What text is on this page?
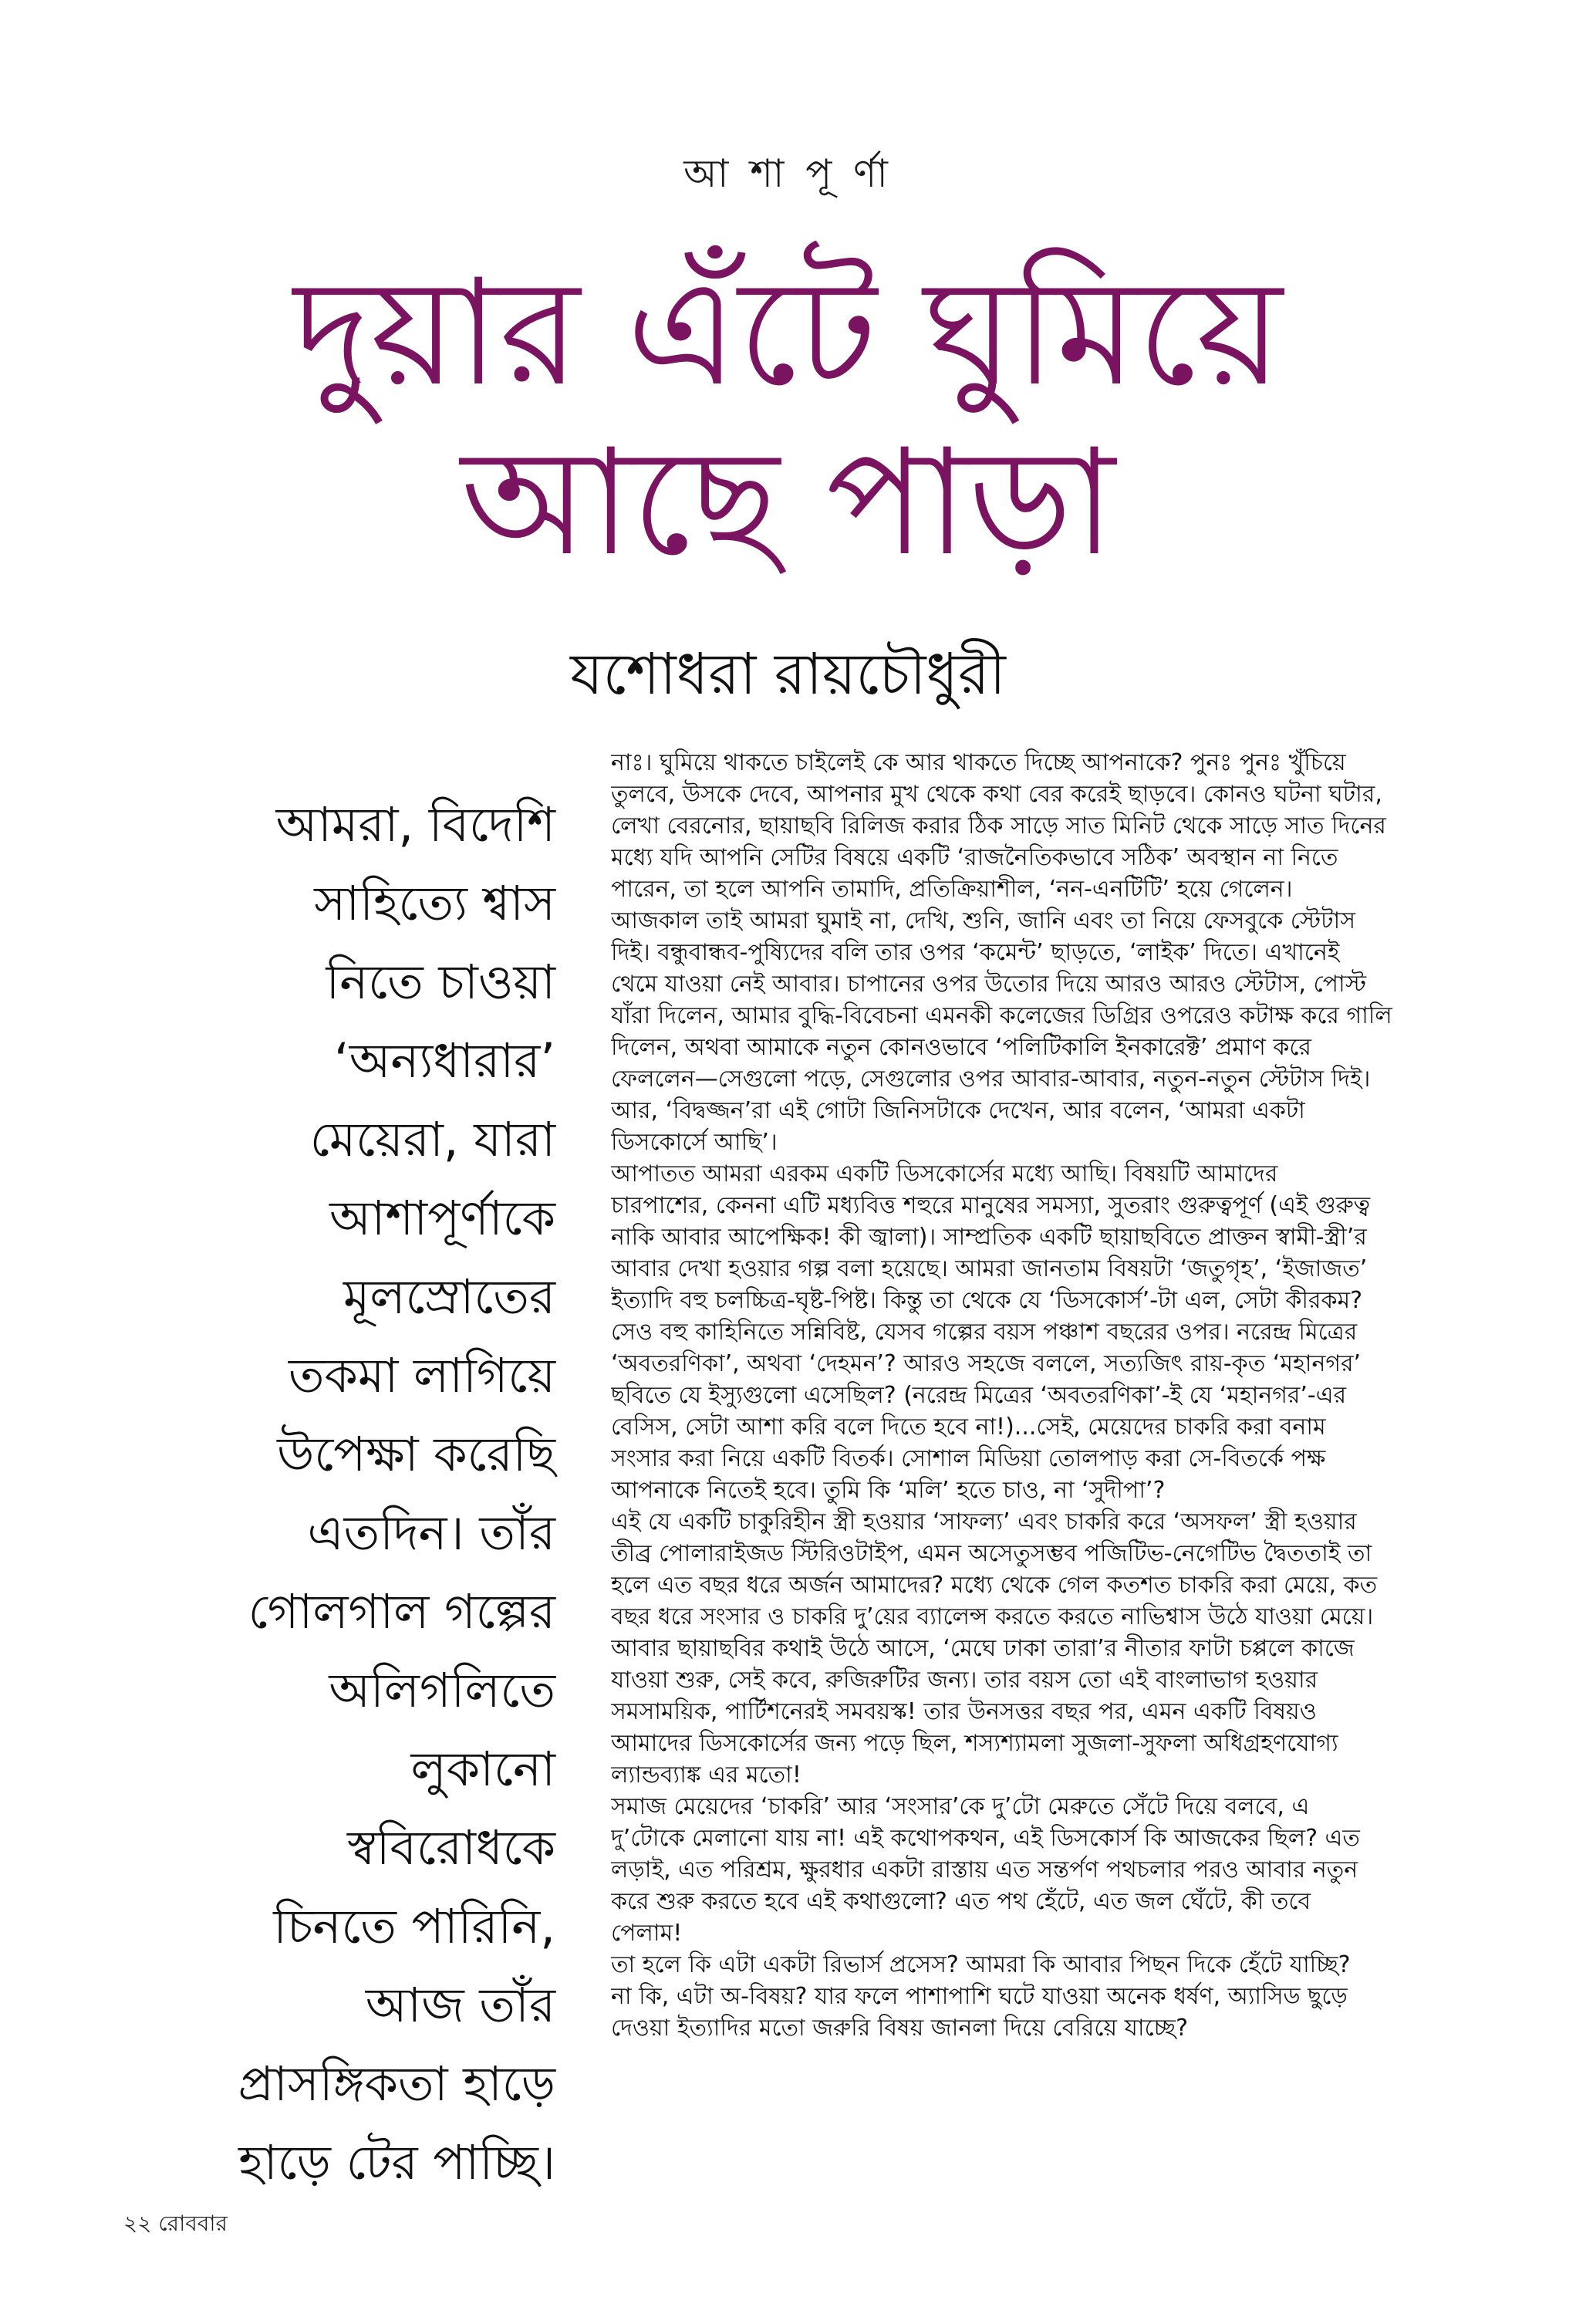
আ শা পূ র্ণা
দুয়ার এঁটে ঘুমিয়ে
আছে পাড়া
যশোধরা রায়চৌধুরী
আমরা, বিদেশি
সাহিত্যে শ্বাস
নিতে চাওয়া
‘অন্যধারার’
মেয়েরা, যারা
আশাপূর্ণাকে
মূলস্রোতের
তকমা লাগিয়ে
উপেক্ষা করেছি
এতদিন। তাঁর
গোলগাল গল্পের
অলিগলিতে
লুকানো
স্ববিরোধকে
চিনতে পারিনি,
আজ তাঁর
প্রাসঙ্গিকতা হাড়ে
হাড়ে টের পাচ্ছি।
নাঃ। ঘুমিয়ে থাকতে চাইলেই কে আর থাকতে দিচ্ছে আপনাকে? পুনঃ পুনঃ খুঁচিয়ে
তুলবে, উসকে দেবে, আপনার মুখ থেকে কথা বের করেই ছাড়বে। কোনও ঘটনা ঘটার,
লেখা বেরনোর, ছায়াছবি রিলিজ করার ঠিক সাড়ে সাত মিনিট থেকে সাড়ে সাত দিনের
মধ্যে যদি আপনি সেটির বিষয়ে একটি ‘রাজনৈতিকভাবে সঠিক’ অবস্থান না নিতে
পারেন, তা হলে আপনি তামাদি, প্রতিক্রিয়াশীল, ‘নন-এনটিটি’ হয়ে গেলেন।
আজকাল তাই আমরা ঘুমাই না, দেখি, শুনি, জানি এবং তা নিয়ে ফেসবুকে স্টেটাস
দিই। বন্ধুবান্ধব-পুষ্যিদের বলি তার ওপর ‘কমেন্ট’ ছাড়তে, ‘লাইক’ দিতে। এখানেই
থেমে যাওয়া নেই আবার। চাপানের ওপর উতোর দিয়ে আরও আরও স্টেটাস, পোস্ট
যাঁরা দিলেন, আমার বুদ্ধি-বিবেচনা এমনকী কলেজের ডিগ্রির ওপরেও কটাক্ষ করে গালি
দিলেন, অথবা আমাকে নতুন কোনওভাবে ‘পলিটিকালি ইনকারেক্ট’ প্রমাণ করে
ফেললেন—সেগুলো পড়ে, সেগুলোর ওপর আবার-আবার, নতুন-নতুন স্টেটাস দিই।
আর, ‘বিদ্বজ্জন’রা এই গোটা জিনিসটাকে দেখেন, আর বলেন, ‘আমরা একটা
ডিসকোর্সে আছি’।
আপাতত আমরা এরকম একটি ডিসকোর্সের মধ্যে আছি। বিষয়টি আমাদের
চারপাশের, কেননা এটি মধ্যবিত্ত শহুরে মানুষের সমস্যা, সুতরাং গুরুত্বপূর্ণ (এই গুরুত্ব
নাকি আবার আপেক্ষিক! কী জ্বালা)। সাম্প্রতিক একটি ছায়াছবিতে প্রাক্তন স্বামী-স্ত্রী’র
আবার দেখা হওয়ার গল্প বলা হয়েছে। আমরা জানতাম বিষয়টা ‘জতুগৃহ’, ‘ইজাজত’
ইত্যাদি বহু চলচ্চিত্র-ঘৃষ্ট-পিষ্ট। কিন্তু তা থেকে যে ‘ডিসকোর্স’-টা এল, সেটা কীরকম?
সেও বহু কাহিনিতে সন্নিবিষ্ট, যেসব গল্পের বয়স পঞ্চাশ বছরের ওপর। নরেন্দ্র মিত্রের
‘অবতরণিকা’, অথবা ‘দেহমন’? আরও সহজে বললে, সত্যজিৎ রায়-কৃত ‘মহানগর’
ছবিতে যে ইস্যুগুলো এসেছিল? (নরেন্দ্র মিত্রের ‘অবতরণিকা’-ই যে ‘মহানগর’-এর
বেসিস, সেটা আশা করি বলে দিতে হবে না!)...সেই, মেয়েদের চাকরি করা বনাম
সংসার করা নিয়ে একটি বিতর্ক। সোশাল মিডিয়া তোলপাড় করা সে-বিতর্কে পক্ষ
আপনাকে নিতেই হবে। তুমি কি ‘মলি’ হতে চাও, না ‘সুদীপা’?
এই যে একটি চাকুরিহীন স্ত্রী হওয়ার ‘সাফল্য’ এবং চাকরি করে ‘অসফল’ স্ত্রী হওয়ার
তীব্র পোলারাইজড স্টিরিওটাইপ, এমন অসেতুসম্ভব পজিটিভ-নেগেটিভ দ্বৈততাই তা
হলে এত বছর ধরে অর্জন আমাদের? মধ্যে থেকে গেল কতশত চাকরি করা মেয়ে, কত
বছর ধরে সংসার ও চাকরি দু’য়ের ব্যালেন্স করতে করতে নাভিশ্বাস উঠে যাওয়া মেয়ে।
আবার ছায়াছবির কথাই উঠে আসে, ‘মেঘে ঢাকা তারা’র নীতার ফাটা চপ্পলে কাজে
যাওয়া শুরু, সেই কবে, রুজিরুটির জন্য। তার বয়স তো এই বাংলাভাগ হওয়ার
সমসাময়িক, পার্টিশনেরই সমবয়স্ক! তার উনসত্তর বছর পর, এমন একটি বিষয়ও
আমাদের ডিসকোর্সের জন্য পড়ে ছিল, শস্যশ্যামলা সুজলা-সুফলা অধিগ্রহণযোগ্য
ল্যান্ডব্যাঙ্ক এর মতো!
সমাজ মেয়েদের ‘চাকরি’ আর ‘সংসার’কে দু’টো মেরুতে সেঁটে দিয়ে বলবে, এ
দু’টোকে মেলানো যায় না! এই কথোপকথন, এই ডিসকোর্স কি আজকের ছিল? এত
লড়াই, এত পরিশ্রম, ক্ষুরধার একটা রাস্তায় এত সন্তর্পণ পথচলার পরও আবার নতুন
করে শুরু করতে হবে এই কথাগুলো? এত পথ হেঁটে, এত জল ঘেঁটে, কী তবে
পেলাম!
তা হলে কি এটা একটা রিভার্স প্রসেস? আমরা কি আবার পিছন দিকে হেঁটে যাচ্ছি?
না কি, এটা অ-বিষয়? যার ফলে পাশাপাশি ঘটে যাওয়া অনেক ধর্ষণ, অ্যাসিড ছুড়ে
দেওয়া ইত্যাদির মতো জরুরি বিষয় জানলা দিয়ে বেরিয়ে যাচ্ছে?
২২ রোববার
